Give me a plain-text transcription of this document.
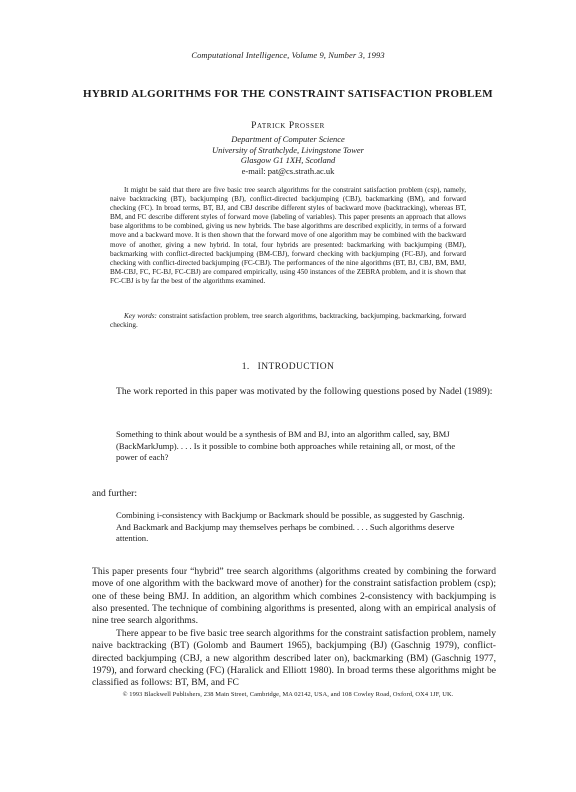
Computational Intelligence, Volume 9, Number 3, 1993
HYBRID ALGORITHMS FOR THE CONSTRAINT SATISFACTION PROBLEM
Patrick Prosser
Department of Computer Science
University of Strathclyde, Livingstone Tower
Glasgow G1 1XH, Scotland
e-mail: pat@cs.strath.ac.uk

It might be said that there are five basic tree search algorithms for the constraint satisfaction problem (csp), namely, naive backtracking (BT), backjumping (BJ), conflict-directed backjumping (CBJ), backmarking (BM), and forward checking (FC). In broad terms, BT, BJ, and CBJ describe different styles of backward move (backtracking), whereas BT, BM, and FC describe different styles of forward move (labeling of variables). This paper presents an approach that allows base algorithms to be combined, giving us new hybrids. The base algorithms are described explicitly, in terms of a forward move and a backward move. It is then shown that the forward move of one algorithm may be combined with the backward move of another, giving a new hybrid. In total, four hybrids are presented: backmarking with backjumping (BMJ), backmarking with conflict-directed backjumping (BM-CBJ), forward checking with backjumping (FC-BJ), and forward checking with conflict-directed backjumping (FC-CBJ). The performances of the nine algorithms (BT, BJ, CBJ, BM, BMJ, BM-CBJ, FC, FC-BJ, FC-CBJ) are compared empirically, using 450 instances of the ZEBRA problem, and it is shown that FC-CBJ is by far the best of the algorithms examined.

Key words: constraint satisfaction problem, tree search algorithms, backtracking, backjumping, backmarking, forward checking.
1. INTRODUCTION

The work reported in this paper was motivated by the following questions posed by Nadel (1989):

Something to think about would be a synthesis of BM and BJ, into an algorithm called, say, BMJ (BackMarkJump). . . . Is it possible to combine both approaches while retaining all, or most, of the power of each?

and further:

Combining i-consistency with Backjump or Backmark should be possible, as suggested by Gaschnig. And Backmark and Backjump may themselves perhaps be combined. . . . Such algorithms deserve attention.

This paper presents four “hybrid” tree search algorithms (algorithms created by combining the forward move of one algorithm with the backward move of another) for the constraint satisfaction problem (csp); one of these being BMJ. In addition, an algorithm which combines 2-consistency with backjumping is also presented. The technique of combining algorithms is presented, along with an empirical analysis of nine tree search algorithms.

There appear to be five basic tree search algorithms for the constraint satisfaction problem, namely naive backtracking (BT) (Golomb and Baumert 1965), backjumping (BJ) (Gaschnig 1979), conflict-directed backjumping (CBJ, a new algorithm described later on), backmarking (BM) (Gaschnig 1977, 1979), and forward checking (FC) (Haralick and Elliott 1980). In broad terms these algorithms might be classified as follows: BT, BM, and FC

© 1993 Blackwell Publishers, 238 Main Street, Cambridge, MA 02142, USA, and 108 Cowley Road, Oxford, OX4 1JF, UK.
